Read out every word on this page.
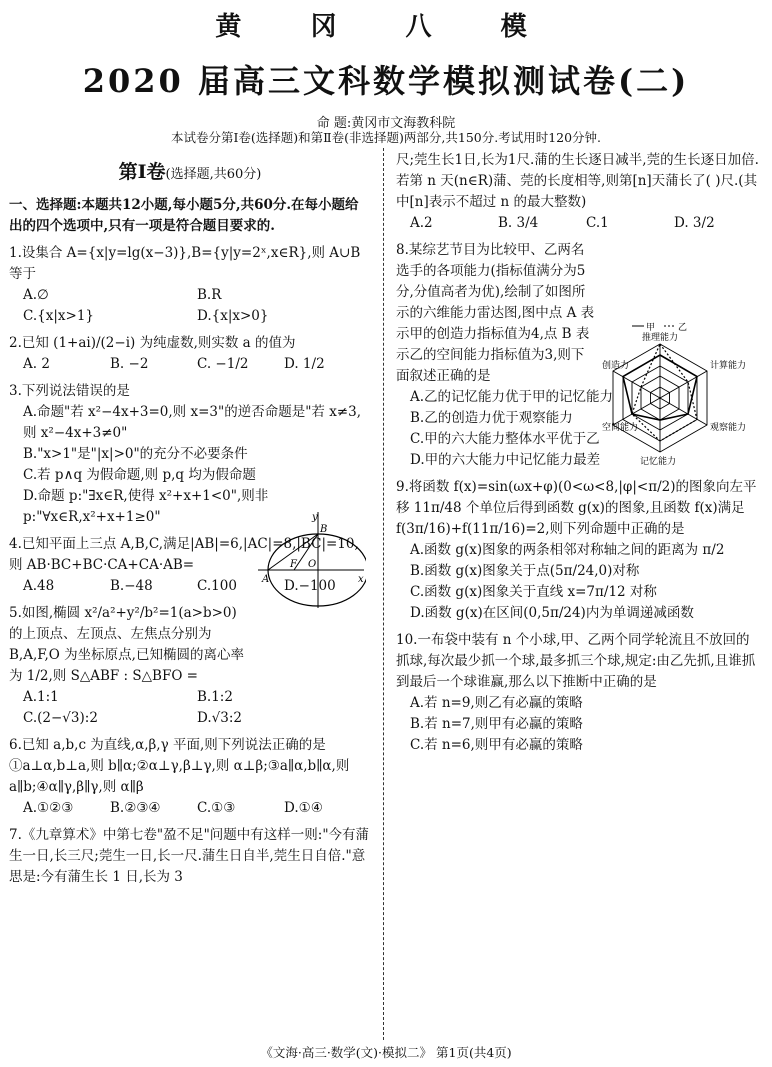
黄 冈 八 模
2020 届高三文科数学模拟测试卷(二)
命 题:黄冈市文海教科院
本试卷分第Ⅰ卷(选择题)和第Ⅱ卷(非选择题)两部分,共150分.考试用时120分钟.
第Ⅰ卷(选择题,共60分)

一、选择题:本题共12小题,每小题5分,共60分.在每小题给出的四个选项中,只有一项是符合题目要求的.

1.设集合 A={x|y=lg(x−3)},B={y|y=2ˣ,x∈R},则 A∪B 等于

A.∅	B.R
C.{x|x>1}	D.{x|x>0}

2.已知 (1+ai)/(2−i) 为纯虚数,则实数 a 的值为

A. 2	B. −2	C. −1/2	D. 1/2

3.下列说法错误的是

A.命题"若 x²−4x+3=0,则 x=3"的逆否命题是"若 x≠3,则 x²−4x+3≠0"

B."x>1"是"|x|>0"的充分不必要条件

C.若 p∧q 为假命题,则 p,q 均为假命题

D.命题 p:"∃x∈R,使得 x²+x+1<0",则非 p:"∀x∈R,x²+x+1≥0"

4.已知平面上三点 A,B,C,满足|AB|=6,|AC|=8,|BC|=10,则 AB·BC+BC·CA+CA·AB=

A.48	B.−48	C.100	D.−100

5.如图,椭圆 x²/a²+y²/b²=1(a>b>0)的上顶点、左顶点、左焦点分别为 B,A,F,O 为坐标原点,已知椭圆的离心率为 1/2,则 S△ABF : S△BFO =

A.1:1	B.1:2
C.(2−√3):2	D.√3:2

6.已知 a,b,c 为直线,α,β,γ 平面,则下列说法正确的是 ①a⊥α,b⊥a,则 b∥α;②α⊥γ,β⊥γ,则 α⊥β;③a∥α,b∥α,则 a∥b;④α∥γ,β∥γ,则 α∥β

A.①②③	B.②③④	C.①③	D.①④

7.《九章算术》中第七卷"盈不足"问题中有这样一则:"今有蒲生一日,长三尺;莞生一日,长一尺.蒲生日自半,莞生日自倍."意思是:今有蒲生长 1 日,长为 3

y
B
A
F O
x

尺;莞生长1日,长为1尺.蒲的生长逐日减半,莞的生长逐日加倍.若第 n 天(n∈R)蒲、莞的长度相等,则第[n]天蒲长了( )尺.(其中[n]表示不超过 n 的最大整数)

A.2	B. 3/4	C.1	D. 3/2

8.某综艺节目为比较甲、乙两名选手的各项能力(指标值满分为5分,分值高者为优),绘制了如图所示的六维能力雷达图,图中点 A 表示甲的创造力指标值为4,点 B 表示乙的空间能力指标值为3,则下面叙述正确的是

A.乙的记忆能力优于甲的记忆能力

B.乙的创造力优于观察能力

C.甲的六大能力整体水平优于乙

D.甲的六大能力中记忆能力最差

9.将函数 f(x)=sin(ωx+φ)(0<ω<8,|φ|<π/2)的图象向左平移 11π/48 个单位后得到函数 g(x)的图象,且函数 f(x)满足 f(3π/16)+f(11π/16)=2,则下列命题中正确的是

A.函数 g(x)图象的两条相邻对称轴之间的距离为 π/2

B.函数 g(x)图象关于点(5π/24,0)对称

C.函数 g(x)图象关于直线 x=7π/12 对称

D.函数 g(x)在区间(0,5π/24)内为单调递减函数

10.一布袋中装有 n 个小球,甲、乙两个同学轮流且不放回的抓球,每次最少抓一个球,最多抓三个球,规定:由乙先抓,且谁抓到最后一个球谁赢,那么以下推断中正确的是

A.若 n=9,则乙有必赢的策略

B.若 n=7,则甲有必赢的策略

C.若 n=6,则甲有必赢的策略

甲	乙
推理能力
创造力	计算能力
空间能力	观察能力
记忆能力
《文海·高三·数学(文)·模拟二》 第1页(共4页)
